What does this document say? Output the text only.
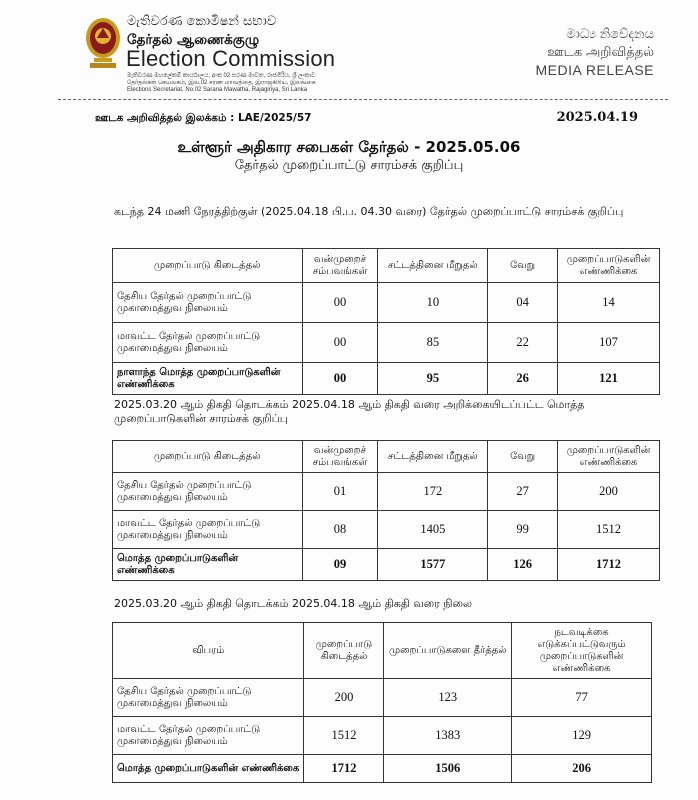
මැතිවරණ කොමිෂන් සභාව
தேர்தல் ஆணைக்குழு
Election Commission
මැතිවරණ මහලේකම් කාර්යාලය, අංක 02 සරණ මාවත, රාජගිරිය, ශ්‍රී ලංකාව
தேர்தல்கள் செயலகம், இல.02 சரண மாவத்தை, இராஜகிரிய, இலங்கை
Elections Secretariat, No.02 Sarana Mawatha, Rajagiriya, Sri Lanka
මාධ්‍ය නිවේදනය
ஊடக அறிவித்தல்
MEDIA RELEASE
ஊடக அறிவித்தல் இலக்கம் : LAE/2025/57	2025.04.19
உள்ளூர் அதிகார சபைகள் தேர்தல் - 2025.05.06
தேர்தல் முறைப்பாட்டு சாரம்சக் குறிப்பு
கடந்த 24 மணி நேரத்திற்குள் (2025.04.18 பி.ப. 04.30 வரை) தேர்தல் முறைப்பாட்டு சாரம்சக் குறிப்பு
முறைப்பாடு கிடைத்தல்	வன்முறைச் சம்பவங்கள்	சட்டத்தினை மீறுதல்	வேறு	முறைப்பாடுகளின் எண்ணிக்கை
தேசிய தேர்தல் முறைப்பாட்டு முகாமைத்துவ நிலையம்	00	10	04	14
மாவட்ட தேர்தல் முறைப்பாட்டு முகாமைத்துவ நிலையம்	00	85	22	107
நாளாந்த மொத்த முறைப்பாடுகளின் எண்ணிக்கை	00	95	26	121
2025.03.20 ஆம் திகதி தொடக்கம் 2025.04.18 ஆம் திகதி வரை அறிக்கையிடப்பட்ட மொத்த முறைப்பாடுகளின் சாரம்சக் குறிப்பு
முறைப்பாடு கிடைத்தல்	வன்முறைச் சம்பவங்கள்	சட்டத்தினை மீறுதல்	வேறு	முறைப்பாடுகளின் எண்ணிக்கை
தேசிய தேர்தல் முறைப்பாட்டு முகாமைத்துவ நிலையம்	01	172	27	200
மாவட்ட தேர்தல் முறைப்பாட்டு முகாமைத்துவ நிலையம்	08	1405	99	1512
மொத்த முறைப்பாடுகளின் எண்ணிக்கை	09	1577	126	1712
2025.03.20 ஆம் திகதி தொடக்கம் 2025.04.18 ஆம் திகதி வரை நிலை
விபரம்	முறைப்பாடு கிடைத்தல்	முறைப்பாடுகளை தீர்த்தல்	நடவடிக்கை எடுக்கப்பட்டுவரும் முறைப்பாடுகளின் எண்ணிக்கை
தேசிய தேர்தல் முறைப்பாட்டு முகாமைத்துவ நிலையம்	200	123	77
மாவட்ட தேர்தல் முறைப்பாட்டு முகாமைத்துவ நிலையம்	1512	1383	129
மொத்த முறைப்பாடுகளின் எண்ணிக்கை	1712	1506	206
